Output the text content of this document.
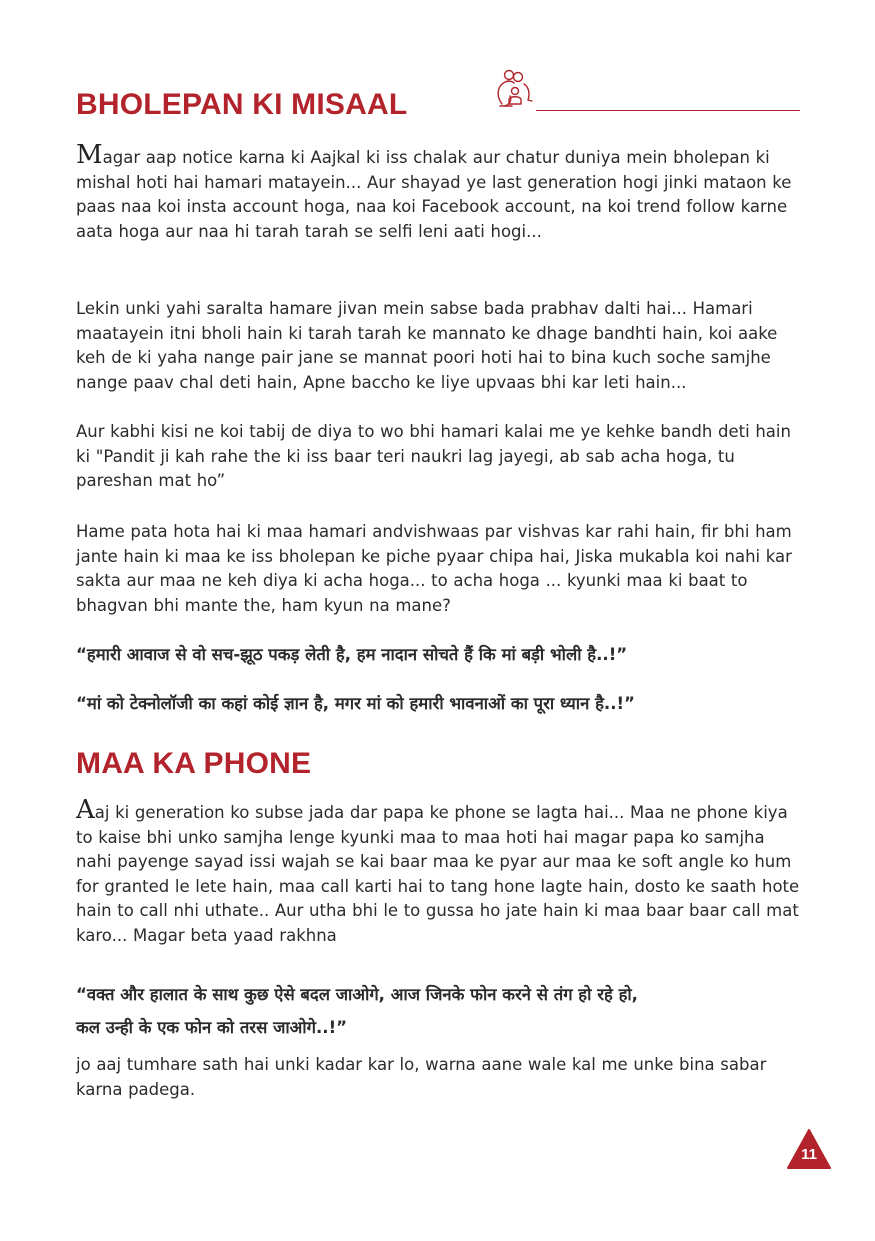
BHOLEPAN KI MISAAL

Magar aap notice karna ki Aajkal ki iss chalak aur chatur duniya mein bholepan ki mishal hoti hai hamari matayein... Aur shayad ye last generation hogi jinki mataon ke paas naa koi insta account hoga, naa koi Facebook account, na koi trend follow karne aata hoga aur naa hi tarah tarah se selfi leni aati hogi...

Lekin unki yahi saralta hamare jivan mein sabse bada prabhav dalti hai... Hamari maatayein itni bholi hain ki tarah tarah ke mannato ke dhage bandhti hain, koi aake keh de ki yaha nange pair jane se mannat poori hoti hai to bina kuch soche samjhe nange paav chal deti hain, Apne baccho ke liye upvaas bhi kar leti hain...

Aur kabhi kisi ne koi tabij de diya to wo bhi hamari kalai me ye kehke bandh deti hain ki "Pandit ji kah rahe the ki iss baar teri naukri lag jayegi, ab sab acha hoga, tu pareshan mat ho”

Hame pata hota hai ki maa hamari andvishwaas par vishvas kar rahi hain, fir bhi ham jante hain ki maa ke iss bholepan ke piche pyaar chipa hai, Jiska mukabla koi nahi kar sakta aur maa ne keh diya ki acha hoga... to acha hoga ... kyunki maa ki baat to bhagvan bhi mante the, ham kyun na mane?

“हमारी आवाज से वो सच-झूठ पकड़ लेती है, हम नादान सोचते हैं कि मां बड़ी भोली है..!”

“मां को टेक्नोलॉजी का कहां कोई ज्ञान है, मगर मां को हमारी भावनाओं का पूरा ध्यान है..!”

MAA KA PHONE

Aaj ki generation ko subse jada dar papa ke phone se lagta hai... Maa ne phone kiya to kaise bhi unko samjha lenge kyunki maa to maa hoti hai magar papa ko samjha nahi payenge sayad issi wajah se kai baar maa ke pyar aur maa ke soft angle ko hum for granted le lete hain, maa call karti hai to tang hone lagte hain, dosto ke saath hote hain to call nhi uthate.. Aur utha bhi le to gussa ho jate hain ki maa baar baar call mat karo... Magar beta yaad rakhna

“वक्त और हालात के साथ कुछ ऐसे बदल जाओगे, आज जिनके फोन करने से तंग हो रहे हो,

कल उन्ही के एक फोन को तरस जाओगे..!”

jo aaj tumhare sath hai unki kadar kar lo, warna aane wale kal me unke bina sabar karna padega.

11
